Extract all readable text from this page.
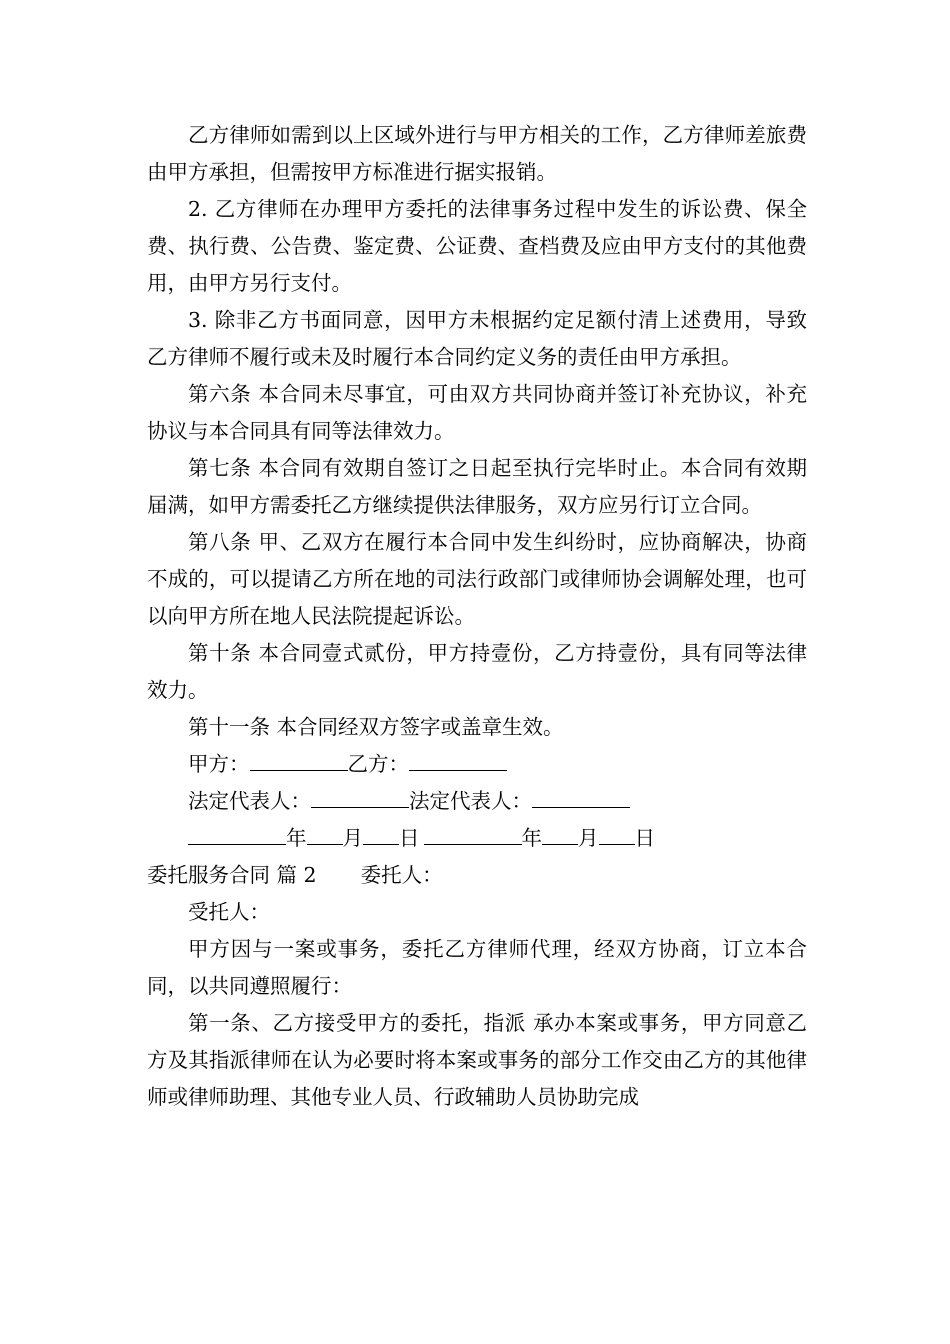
乙方律师如需到以上区域外进行与甲方相关的工作，乙方律师差旅费由甲方承担，但需按甲方标准进行据实报销。

2. 乙方律师在办理甲方委托的法律事务过程中发生的诉讼费、保全费、执行费、公告费、鉴定费、公证费、查档费及应由甲方支付的其他费用，由甲方另行支付。

3. 除非乙方书面同意，因甲方未根据约定足额付清上述费用，导致乙方律师不履行或未及时履行本合同约定义务的责任由甲方承担。

第六条 本合同未尽事宜，可由双方共同协商并签订补充协议，补充协议与本合同具有同等法律效力。

第七条 本合同有效期自签订之日起至执行完毕时止。本合同有效期届满，如甲方需委托乙方继续提供法律服务，双方应另行订立合同。

第八条 甲、乙双方在履行本合同中发生纠纷时，应协商解决，协商不成的，可以提请乙方所在地的司法行政部门或律师协会调解处理，也可以向甲方所在地人民法院提起诉讼。

第十条 本合同壹式贰份，甲方持壹份，乙方持壹份，具有同等法律效力。

第十一条 本合同经双方签字或盖章生效。

甲方：	乙方：
法定代表人：	法定代表人：
年 月 日	年 月 日

委托服务合同 篇 2 委托人：

受托人：

甲方因与一案或事务，委托乙方律师代理，经双方协商，订立本合同，以共同遵照履行：

第一条、乙方接受甲方的委托，指派 承办本案或事务，甲方同意乙方及其指派律师在认为必要时将本案或事务的部分工作交由乙方的其他律师或律师助理、其他专业人员、行政辅助人员协助完成
